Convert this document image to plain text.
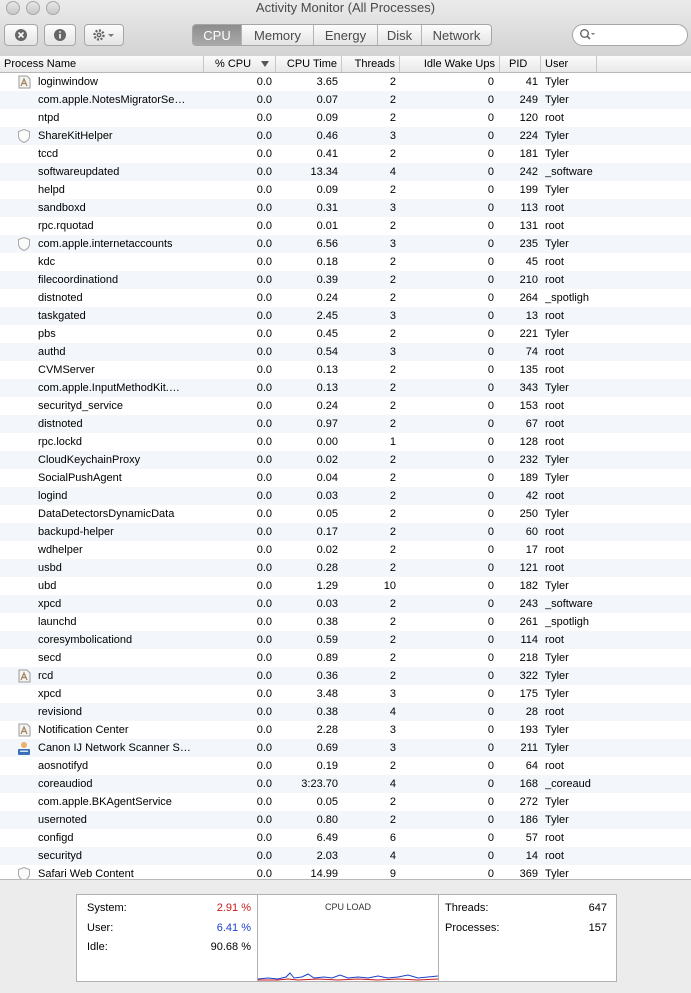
Activity Monitor (All Processes)
CPU	Memory	Energy	Disk	Network
Process Name	% CPU	CPU Time	Threads	Idle Wake Ups	PID	User
loginwindow	0.0	3.65	2	0	41 Tyler
com.apple.NotesMigratorSe…	0.0	0.07	2	0	249 Tyler
ntpd	0.0	0.09	2	0	120 root
ShareKitHelper	0.0	0.46	3	0	224 Tyler
tccd	0.0	0.41	2	0	181 Tyler
softwareupdated	0.0	13.34	4	0	242 _software
helpd	0.0	0.09	2	0	199 Tyler
sandboxd	0.0	0.31	3	0	113 root
rpc.rquotad	0.0	0.01	2	0	131 root
com.apple.internetaccounts	0.0	6.56	3	0	235 Tyler
kdc	0.0	0.18	2	0	45 root
filecoordinationd	0.0	0.39	2	0	210 root
distnoted	0.0	0.24	2	0	264 _spotligh
taskgated	0.0	2.45	3	0	13 root
pbs	0.0	0.45	2	0	221 Tyler
authd	0.0	0.54	3	0	74 root
CVMServer	0.0	0.13	2	0	135 root
com.apple.InputMethodKit.…	0.0	0.13	2	0	343 Tyler
securityd_service	0.0	0.24	2	0	153 root
distnoted	0.0	0.97	2	0	67 root
rpc.lockd	0.0	0.00	1	0	128 root
CloudKeychainProxy	0.0	0.02	2	0	232 Tyler
SocialPushAgent	0.0	0.04	2	0	189 Tyler
logind	0.0	0.03	2	0	42 root
DataDetectorsDynamicData	0.0	0.05	2	0	250 Tyler
backupd-helper	0.0	0.17	2	0	60 root
wdhelper	0.0	0.02	2	0	17 root
usbd	0.0	0.28	2	0	121 root
ubd	0.0	1.29	10	0	182 Tyler
xpcd	0.0	0.03	2	0	243 _software
launchd	0.0	0.38	2	0	261 _spotligh
coresymbolicationd	0.0	0.59	2	0	114 root
secd	0.0	0.89	2	0	218 Tyler
rcd	0.0	0.36	2	0	322 Tyler
xpcd	0.0	3.48	3	0	175 Tyler
revisiond	0.0	0.38	4	0	28 root
Notification Center	0.0	2.28	3	0	193 Tyler
Canon IJ Network Scanner S…	0.0	0.69	3	0	211 Tyler
aosnotifyd	0.0	0.19	2	0	64 root
coreaudiod	0.0	3:23.70	4	0	168 _coreaud
com.apple.BKAgentService	0.0	0.05	2	0	272 Tyler
usernoted	0.0	0.80	2	0	186 Tyler
configd	0.0	6.49	6	0	57 root
securityd	0.0	2.03	4	0	14 root
Safari Web Content	0.0	14.99	9	0	369 Tyler
System:	2.91 %
User:	6.41 %
Idle:	90.68 %
CPU LOAD	Threads:	647
Processes:	157
